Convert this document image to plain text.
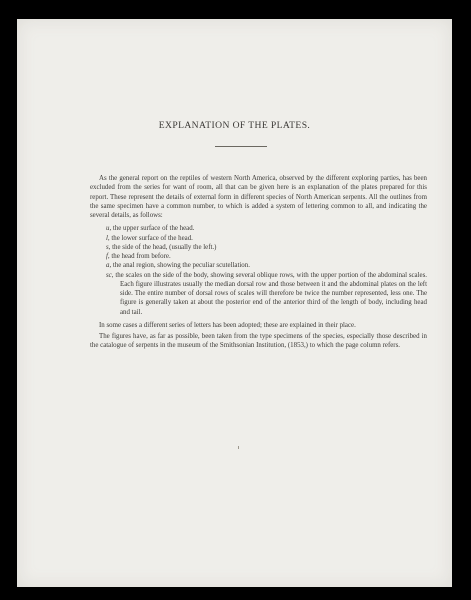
EXPLANATION OF THE PLATES.

As the general report on the reptiles of western North America, observed by the different exploring parties, has been excluded from the series for want of room, all that can be given here is an explanation of the plates prepared for this report. These represent the details of external form in different species of North American serpents. All the outlines from the same specimen have a common number, to which is added a system of lettering common to all, and indicating the several details, as follows:

u, the upper surface of the head.
l, the lower surface of the head.
s, the side of the head, (usually the left.)
f, the head from before.
a, the anal region, showing the peculiar scutellation.
sc, the scales on the side of the body, showing several oblique rows, with the upper portion of the abdominal scales. Each figure illustrates usually the median dorsal row and those between it and the abdominal plates on the left side. The entire number of dorsal rows of scales will therefore be twice the number represented, less one. The figure is generally taken at about the posterior end of the anterior third of the length of body, including head and tail.

In some cases a different series of letters has been adopted; these are explained in their place.

The figures have, as far as possible, been taken from the type specimens of the species, especially those described in the catalogue of serpents in the museum of the Smithsonian Institution, (1853,) to which the page column refers.
